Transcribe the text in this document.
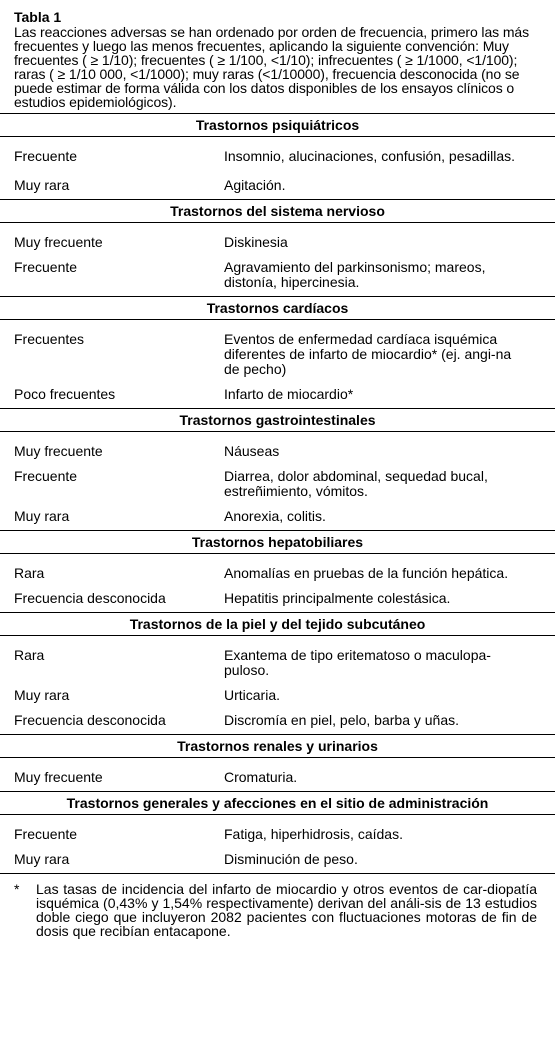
Tabla 1
Las reacciones adversas se han ordenado por orden de frecuencia, primero las más frecuentes y luego las menos frecuentes, aplicando la siguiente convención: Muy frecuentes ( ≥ 1/10); frecuentes ( ≥ 1/100, <1/10); infrecuentes ( ≥ 1/1000, <1/100); raras ( ≥ 1/10 000, <1/1000); muy raras (<1/10000), frecuencia desconocida (no se puede estimar de forma válida con los datos disponibles de los ensayos clínicos o estudios epidemiológicos).
Trastornos psiquiátricos
Frecuente	Insomnio, alucinaciones, confusión, pesadillas.
Muy rara	Agitación.
Trastornos del sistema nervioso
Muy frecuente	Diskinesia
Frecuente	Agravamiento del parkinsonismo; mareos, distonía, hipercinesia.
Trastornos cardíacos
Frecuentes	Eventos de enfermedad cardíaca isquémica diferentes de infarto de miocardio* (ej. angi-na de pecho)
Poco frecuentes	Infarto de miocardio*
Trastornos gastrointestinales
Muy frecuente	Náuseas
Frecuente	Diarrea, dolor abdominal, sequedad bucal, estreñimiento, vómitos.
Muy rara	Anorexia, colitis.
Trastornos hepatobiliares
Rara	Anomalías en pruebas de la función hepática.
Frecuencia desconocida	Hepatitis principalmente colestásica.
Trastornos de la piel y del tejido subcutáneo
Rara	Exantema de tipo eritematoso o maculopa-puloso.
Muy rara	Urticaria.
Frecuencia desconocida	Discromía en piel, pelo, barba y uñas.
Trastornos renales y urinarios
Muy frecuente	Cromaturia.
Trastornos generales y afecciones en el sitio de administración
Frecuente	Fatiga, hiperhidrosis, caídas.
Muy rara	Disminución de peso.
*	Las tasas de incidencia del infarto de miocardio y otros eventos de car-diopatía isquémica (0,43% y 1,54% respectivamente) derivan del análi-sis de 13 estudios doble ciego que incluyeron 2082 pacientes con fluctuaciones motoras de fin de dosis que recibían entacapone.
